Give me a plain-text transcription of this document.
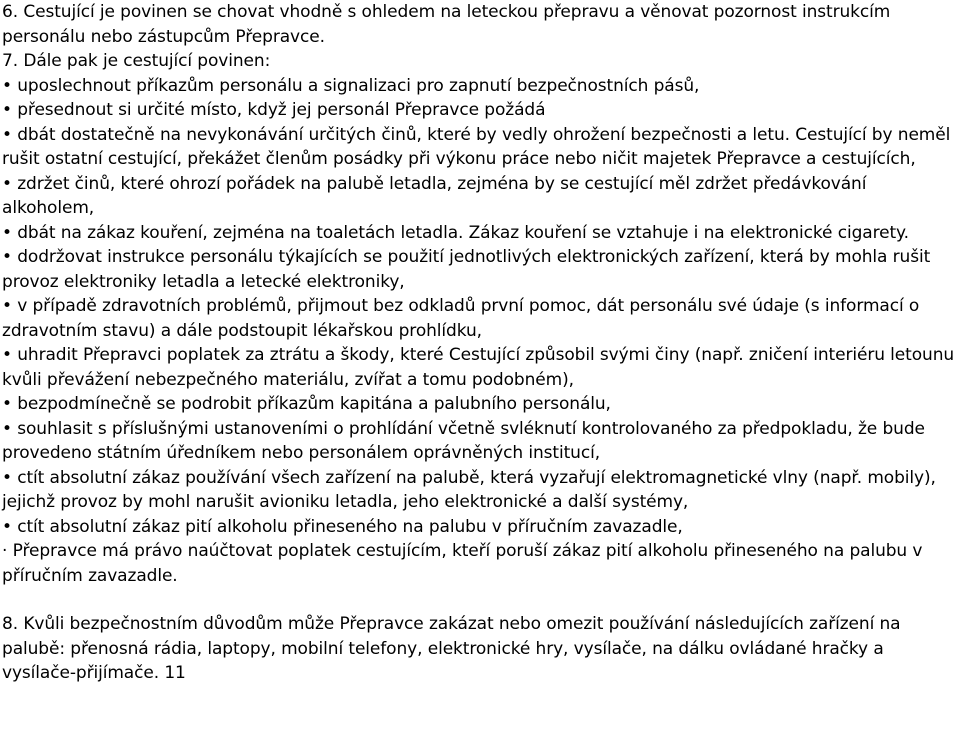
6. Cestující je povinen se chovat vhodně s ohledem na leteckou přepravu a věnovat pozornost instrukcím personálu nebo zástupcům Přepravce.

7. Dále pak je cestující povinen:

• uposlechnout příkazům personálu a signalizaci pro zapnutí bezpečnostních pásů,

• přesednout si určité místo, když jej personál Přepravce požádá

• dbát dostatečně na nevykonávání určitých činů, které by vedly ohrožení bezpečnosti a letu. Cestující by neměl rušit ostatní cestující, překážet členům posádky při výkonu práce nebo ničit majetek Přepravce a cestujících,

• zdržet činů, které ohrozí pořádek na palubě letadla, zejména by se cestující měl zdržet předávkování alkoholem,

• dbát na zákaz kouření, zejména na toaletách letadla. Zákaz kouření se vztahuje i na elektronické cigarety.

• dodržovat instrukce personálu týkajících se použití jednotlivých elektronických zařízení, která by mohla rušit provoz elektroniky letadla a letecké elektroniky,

• v případě zdravotních problémů, přijmout bez odkladů první pomoc, dát personálu své údaje (s informací o zdravotním stavu) a dále podstoupit lékařskou prohlídku,

• uhradit Přepravci poplatek za ztrátu a škody, které Cestující způsobil svými činy (např. zničení interiéru letounu kvůli převážení nebezpečného materiálu, zvířat a tomu podobném),

• bezpodmínečně se podrobit příkazům kapitána a palubního personálu,

• souhlasit s příslušnými ustanoveními o prohlídání včetně svléknutí kontrolovaného za předpokladu, že bude provedeno státním úředníkem nebo personálem oprávněných institucí,

• ctít absolutní zákaz používání všech zařízení na palubě, která vyzařují elektromagnetické vlny (např. mobily), jejichž provoz by mohl narušit avioniku letadla, jeho elektronické a další systémy,

• ctít absolutní zákaz pití alkoholu přineseného na palubu v příručním zavazadle,

· Přepravce má právo naúčtovat poplatek cestujícím, kteří poruší zákaz pití alkoholu přineseného na palubu v příručním zavazadle.

8. Kvůli bezpečnostním důvodům může Přepravce zakázat nebo omezit používání následujících zařízení na palubě: přenosná rádia, laptopy, mobilní telefony, elektronické hry, vysílače, na dálku ovládané hračky a vysílače-přijímače. 11
